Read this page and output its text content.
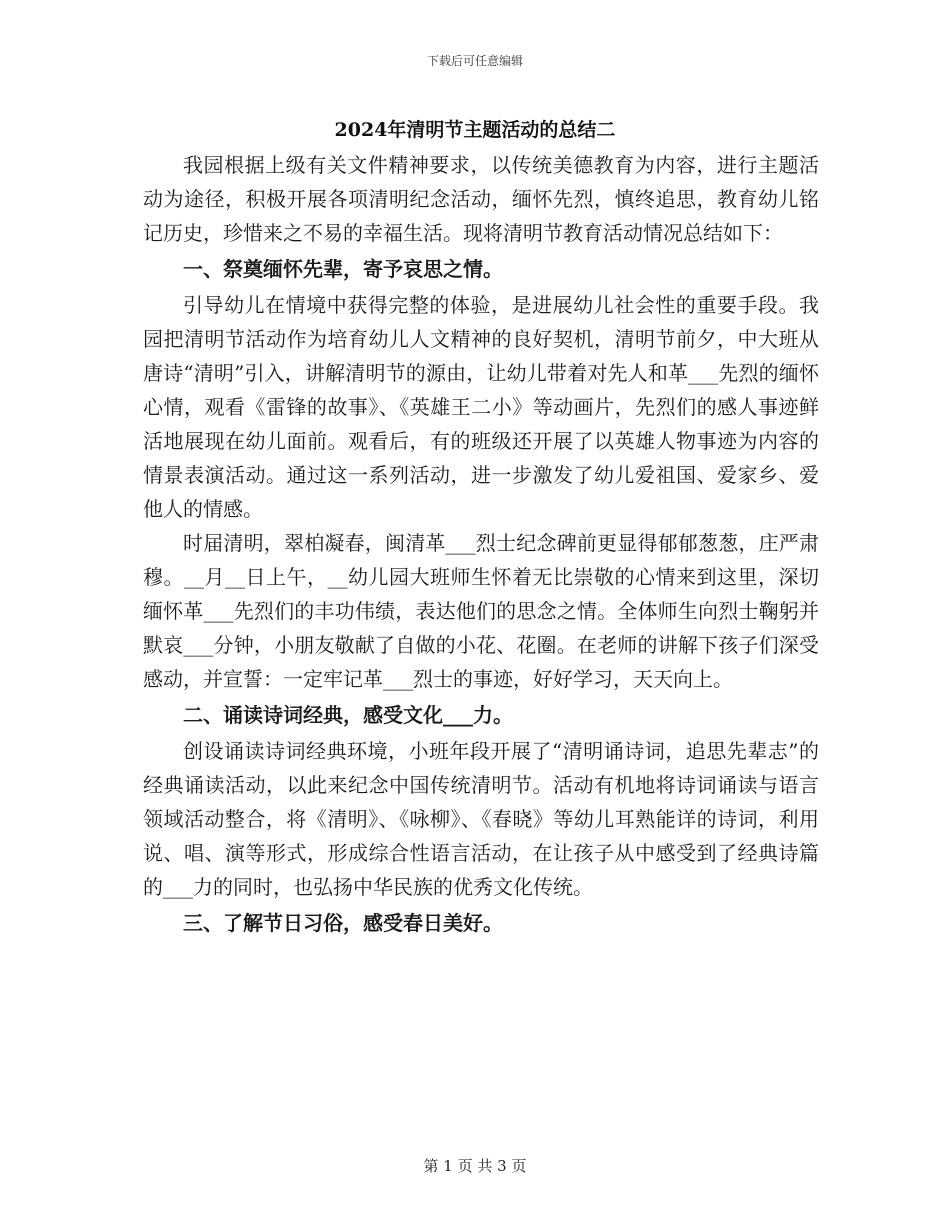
下载后可任意编辑
2024年清明节主题活动的总结二

我园根据上级有关文件精神要求，以传统美德教育为内容，进行主题活动为途径，积极开展各项清明纪念活动，缅怀先烈，慎终追思，教育幼儿铭记历史，珍惜来之不易的幸福生活。现将清明节教育活动情况总结如下：

一、祭奠缅怀先辈，寄予哀思之情。

引导幼儿在情境中获得完整的体验，是进展幼儿社会性的重要手段。我园把清明节活动作为培育幼儿人文精神的良好契机，清明节前夕，中大班从唐诗“清明”引入，讲解清明节的源由，让幼儿带着对先人和革___先烈的缅怀心情，观看《雷锋的故事》、《英雄王二小》等动画片，先烈们的感人事迹鲜活地展现在幼儿面前。观看后，有的班级还开展了以英雄人物事迹为内容的情景表演活动。通过这一系列活动，进一步激发了幼儿爱祖国、爱家乡、爱他人的情感。

时届清明，翠柏凝春，闽清革___烈士纪念碑前更显得郁郁葱葱，庄严肃穆。__月__日上午，__幼儿园大班师生怀着无比崇敬的心情来到这里，深切缅怀革___先烈们的丰功伟绩，表达他们的思念之情。全体师生向烈士鞠躬并默哀___分钟，小朋友敬献了自做的小花、花圈。在老师的讲解下孩子们深受感动，并宣誓：一定牢记革___烈士的事迹，好好学习，天天向上。

二、诵读诗词经典，感受文化___力。

创设诵读诗词经典环境，小班年段开展了“清明诵诗词，追思先辈志”的经典诵读活动，以此来纪念中国传统清明节。活动有机地将诗词诵读与语言领域活动整合，将《清明》、《咏柳》、《春晓》等幼儿耳熟能详的诗词，利用说、唱、演等形式，形成综合性语言活动，在让孩子从中感受到了经典诗篇的___力的同时，也弘扬中华民族的优秀文化传统。

三、了解节日习俗，感受春日美好。

第 1 页 共 3 页
